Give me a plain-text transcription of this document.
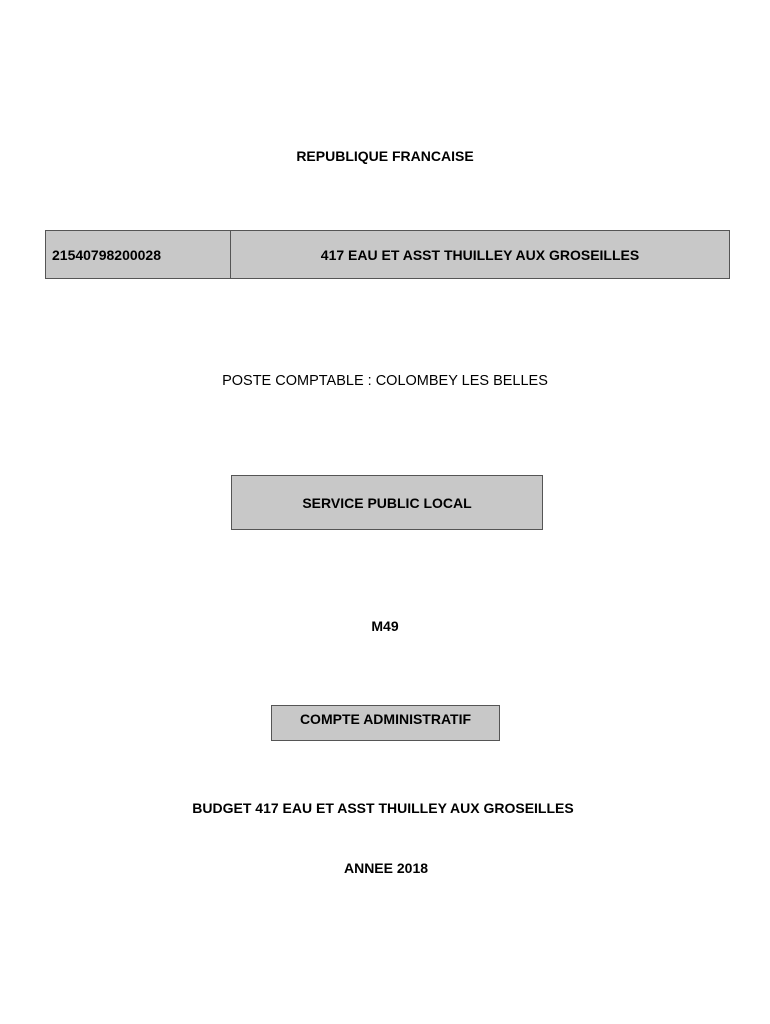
REPUBLIQUE FRANCAISE
21540798200028	417 EAU ET ASST THUILLEY AUX GROSEILLES
POSTE COMPTABLE : COLOMBEY LES BELLES
SERVICE PUBLIC LOCAL
M49
COMPTE ADMINISTRATIF
BUDGET 417 EAU ET ASST THUILLEY AUX GROSEILLES
ANNEE 2018
